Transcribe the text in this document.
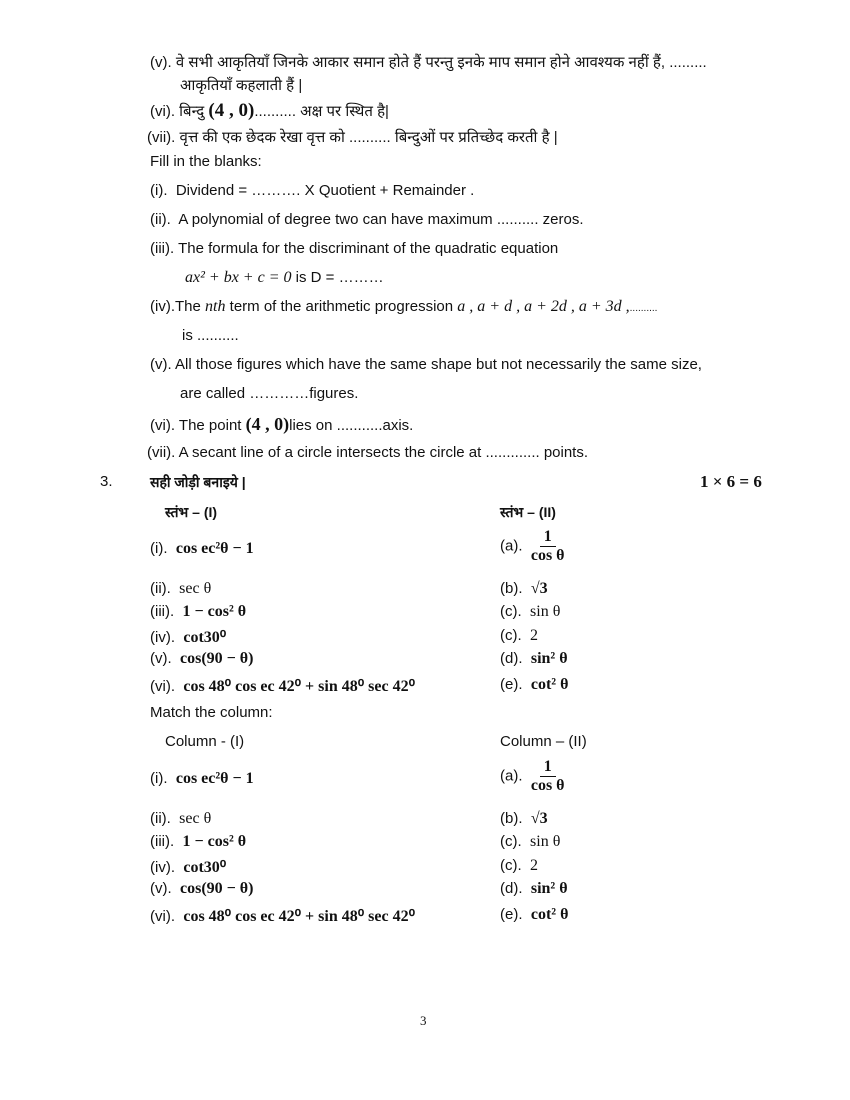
(v). वे सभी आकृतियाँ जिनके आकार समान होते हैं परन्तु इनके माप समान होने आवश्यक नहीं हैं, .........
आकृतियाँ कहलाती हैं |
(vi). बिन्दु (4 , 0).......... अक्ष पर स्थित है|
(vii). वृत्त की एक छेदक रेखा वृत्त को .......... बिन्दुओं पर प्रतिच्छेद करती है |
Fill in the blanks:
(i). Dividend = ………. X Quotient + Remainder .
(ii). A polynomial of degree two can have maximum .......... zeros.
(iii). The formula for the discriminant of the quadratic equation
ax² + bx + c = 0 is D = ………
(iv).The nth term of the arithmetic progression a , a + d , a + 2d , a + 3d ,..........
is ..........
(v). All those figures which have the same shape but not necessarily the same size,
are called …………figures.
(vi). The point (4 , 0)lies on ...........axis.
(vii). A secant line of a circle intersects the circle at ............. points.
3.	सही जोड़ी बनाइये |	1 × 6 = 6
स्तंभ – (I)	स्तंभ – (II)
(i). cos ec²θ − 1	(a). $\frac{1}{\text{cos θ}}$
(ii). sec θ	(b). √3
(iii). 1 − cos² θ	(c). sin θ
(iv). cot30⁰	(c). 2
(v). cos(90 − θ)	(d). sin² θ
(vi). cos 48⁰ cos ec 42⁰ + sin 48⁰ sec 42⁰	(e). cot² θ
Match the column:
Column - (I)	Column – (II)
(i). cos ec²θ − 1	(a). $\frac{1}{\text{cos θ}}$
(ii). sec θ	(b). √3
(iii). 1 − cos² θ	(c). sin θ
(iv). cot30⁰	(c). 2
(v). cos(90 − θ)	(d). sin² θ
(vi). cos 48⁰ cos ec 42⁰ + sin 48⁰ sec 42⁰	(e). cot² θ
3
